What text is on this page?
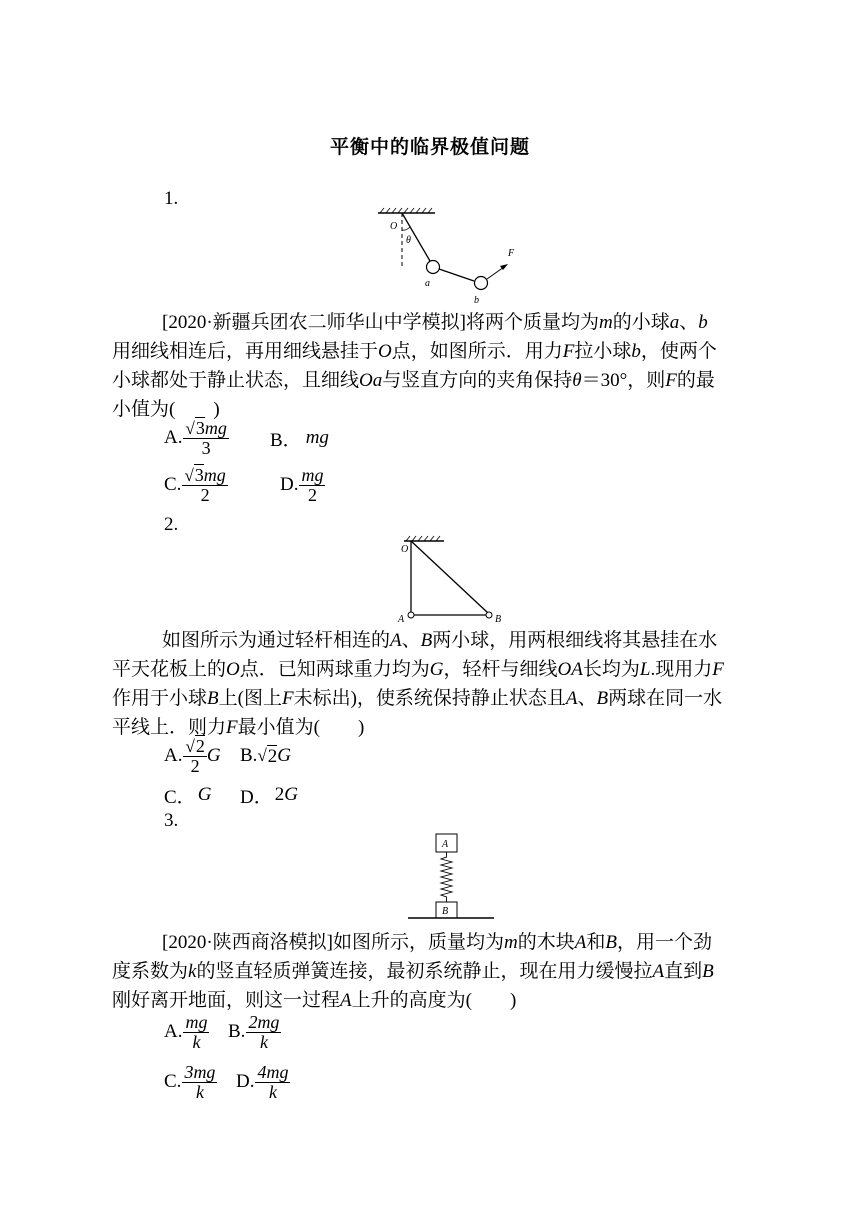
平衡中的临界极值问题
1.
O
θ
a
b
F
[2020·新疆兵团农二师华山中学模拟]将两个质量均为m的小球a、b用细线相连后，再用细线悬挂于O点，如图所示．用力F拉小球b，使两个小球都处于静止状态，且细线Oa与竖直方向的夹角保持θ＝30°，则F的最小值为(　　)
A. $\frac{√3mg}{3}$ B． mg
C. $\frac{√3mg}{2}$	D. $\frac{mg}{2}$
2.
O
A	B
如图所示为通过轻杆相连的A、B两小球，用两根细线将其悬挂在水平天花板上的O点．已知两球重力均为G，轻杆与细线OA长均为L.现用力F作用于小球B上(图上F未标出)，使系统保持静止状态且A、B两球在同一水平线上．则力F最小值为(　　)
A. $\frac{√2}{2}$ G B. √ 2 G
C． G D． 2 G
3.
A
B
[2020·陕西商洛模拟]如图所示，质量均为m的木块A和B，用一个劲度系数为k的竖直轻质弹簧连接，最初系统静止，现在用力缓慢拉A直到B刚好离开地面，则这一过程A上升的高度为(　　)
A. $\frac{mg}{k} B$. $\frac{2mg}{k}$
C. $\frac{3mg}{k} D$. $\frac{4mg}{k}$
